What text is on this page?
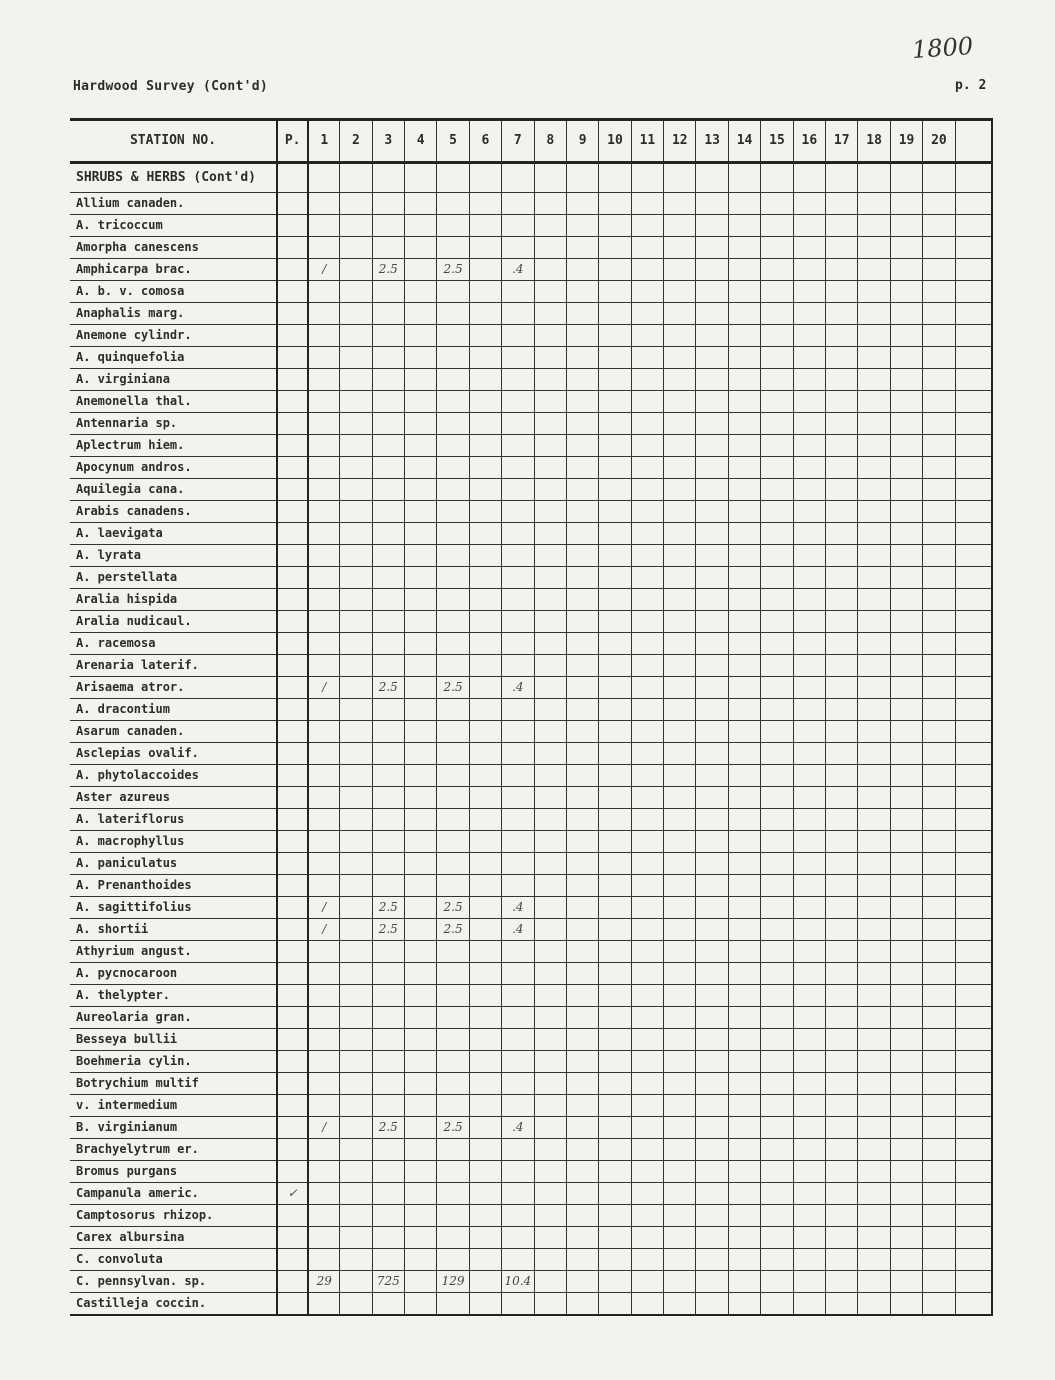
Hardwood Survey (Cont'd)
1800
p. 2
STATION NO.	P.	1	2	3	4	5	6	7	8	9	10	11	12	13	14	15	16	17	18	19	20	
SHRUBS & HERBS (Cont'd)																						
Allium canaden.																						
A. tricoccum																						
Amorpha canescens																						
Amphicarpa brac.		/		2.5		2.5		.4														
A. b. v. comosa																						
Anaphalis marg.																						
Anemone cylindr.																						
A. quinquefolia																						
A. virginiana																						
Anemonella thal.																						
Antennaria sp.																						
Aplectrum hiem.																						
Apocynum andros.																						
Aquilegia cana.																						
Arabis canadens.																						
A. laevigata																						
A. lyrata																						
A. perstellata																						
Aralia hispida																						
Aralia nudicaul.																						
A. racemosa																						
Arenaria laterif.																						
Arisaema atror.		/		2.5		2.5		.4														
A. dracontium																						
Asarum canaden.																						
Asclepias ovalif.																						
A. phytolaccoides																						
Aster azureus																						
A. lateriflorus																						
A. macrophyllus																						
A. paniculatus																						
A. Prenanthoides																						
A. sagittifolius		/		2.5		2.5		.4														
A. shortii		/		2.5		2.5		.4														
Athyrium angust.																						
A. pycnocaroon																						
A. thelypter.																						
Aureolaria gran.																						
Besseya bullii																						
Boehmeria cylin.																						
Botrychium multif																						
v. intermedium																						
B. virginianum		/		2.5		2.5		.4														
Brachyelytrum er.																						
Bromus purgans																						
Campanula americ.	✓																					
Camptosorus rhizop.																						
Carex albursina																						
C. convoluta																						
C. pennsylvan. sp.		29		725		129		10.4														
Castilleja coccin.																						
